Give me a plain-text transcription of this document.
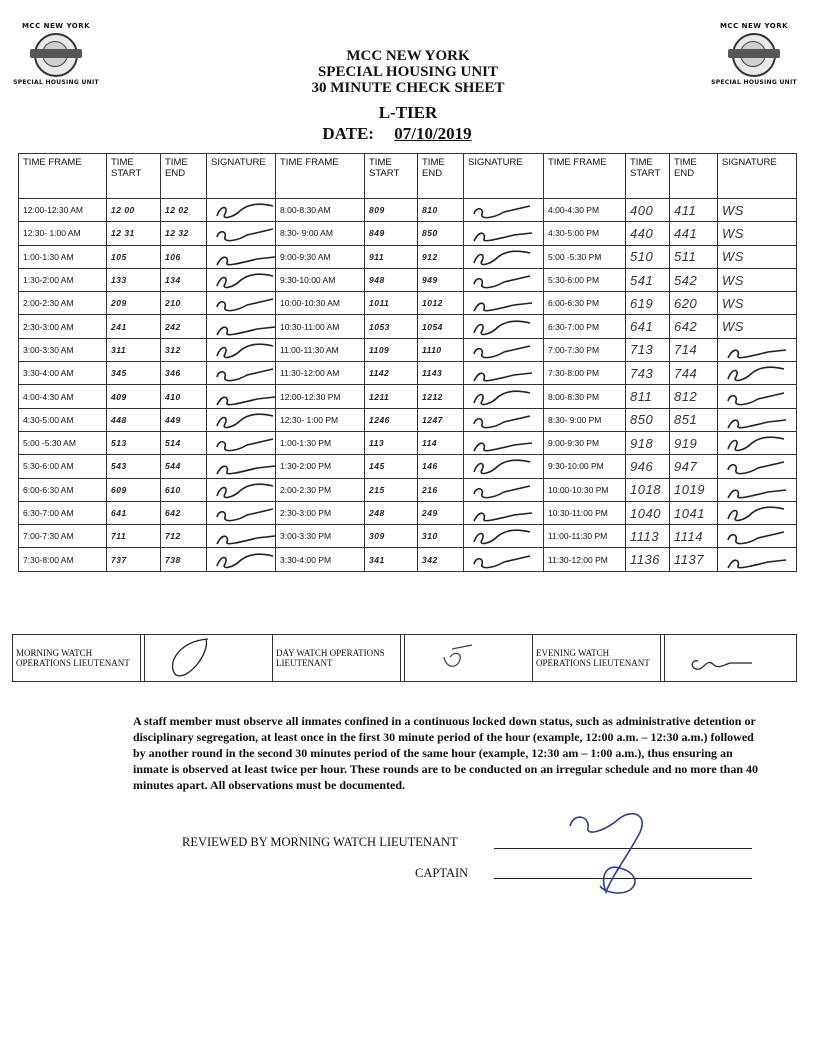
MCC NEW YORK
SPECIAL HOUSING UNIT
MCC NEW YORK
SPECIAL HOUSING UNIT
MCC NEW YORK
SPECIAL HOUSING UNIT
30 MINUTE CHECK SHEET
L-TIER
DATE: 07/10/2019
TIME FRAME	TIME START	TIME END	SIGNATURE	TIME FRAME	TIME START	TIME END	SIGNATURE	TIME FRAME	TIME START	TIME END	SIGNATURE
12:00-12:30 AM	12 00	12 02		8:00-8:30 AM	809	810		4:00-4:30 PM	400	411	WS
12:30- 1:00 AM	12 31	12 32		8:30- 9:00 AM	849	850		4:30-5:00 PM	440	441	WS
1:00-1:30 AM	105	106		9:00-9:30 AM	911	912		5:00 -5:30 PM	510	511	WS
1:30-2:00 AM	133	134		9:30-10:00 AM	948	949		5:30-6:00 PM	541	542	WS
2:00-2:30 AM	209	210		10:00-10:30 AM	1011	1012		6:00-6:30 PM	619	620	WS
2:30-3:00 AM	241	242		10:30-11:00 AM	1053	1054		6:30-7:00 PM	641	642	WS
3:00-3:30 AM	311	312		11:00-11:30 AM	1109	1110		7:00-7:30 PM	713	714	

3:30-4:00 AM	345	346		11:30-12:00 AM	1142	1143		7:30-8:00 PM	743	744	

4:00-4:30 AM	409	410		12:00-12:30 PM	1211	1212		8:00-8:30 PM	811	812	

4:30-5:00 AM	448	449		12:30- 1:00 PM	1246	1247		8:30- 9:00 PM	850	851	

5:00 -5:30 AM	513	514		1:00-1:30 PM	113	114		9:00-9:30 PM	918	919	

5:30-6:00 AM	543	544		1:30-2:00 PM	145	146		9:30-10:00 PM	946	947	

6:00-6:30 AM	609	610		2:00-2:30 PM	215	216		10:00-10:30 PM	1018	1019	

6:30-7:00 AM	641	642		2:30-3:00 PM	248	249		10:30-11:00 PM	1040	1041	

7:00-7:30 AM	711	712		3:00-3:30 PM	309	310		11:00-11:30 PM	1113	1114	

7:30-8:00 AM	737	738		3:30-4:00 PM	341	342		11:30-12:00 PM	1136	1137	
MORNING WATCH OPERATIONS LIEUTENANT			DAY WATCH OPERATIONS LIEUTENANT			EVENING WATCH OPERATIONS LIEUTENANT		
A staff member must observe all inmates confined in a continuous locked down status, such as administrative detention or disciplinary segregation, at least once in the first 30 minute period of the hour (example, 12:00 a.m. – 12:30 a.m.) followed by another round in the second 30 minutes period of the same hour (example, 12:30 am – 1:00 a.m.), thus ensuring an inmate is observed at least twice per hour. These rounds are to be conducted on an irregular schedule and no more than 40 minutes apart. All observations must be documented.
REVIEWED BY MORNING WATCH LIEUTENANT
CAPTAIN
